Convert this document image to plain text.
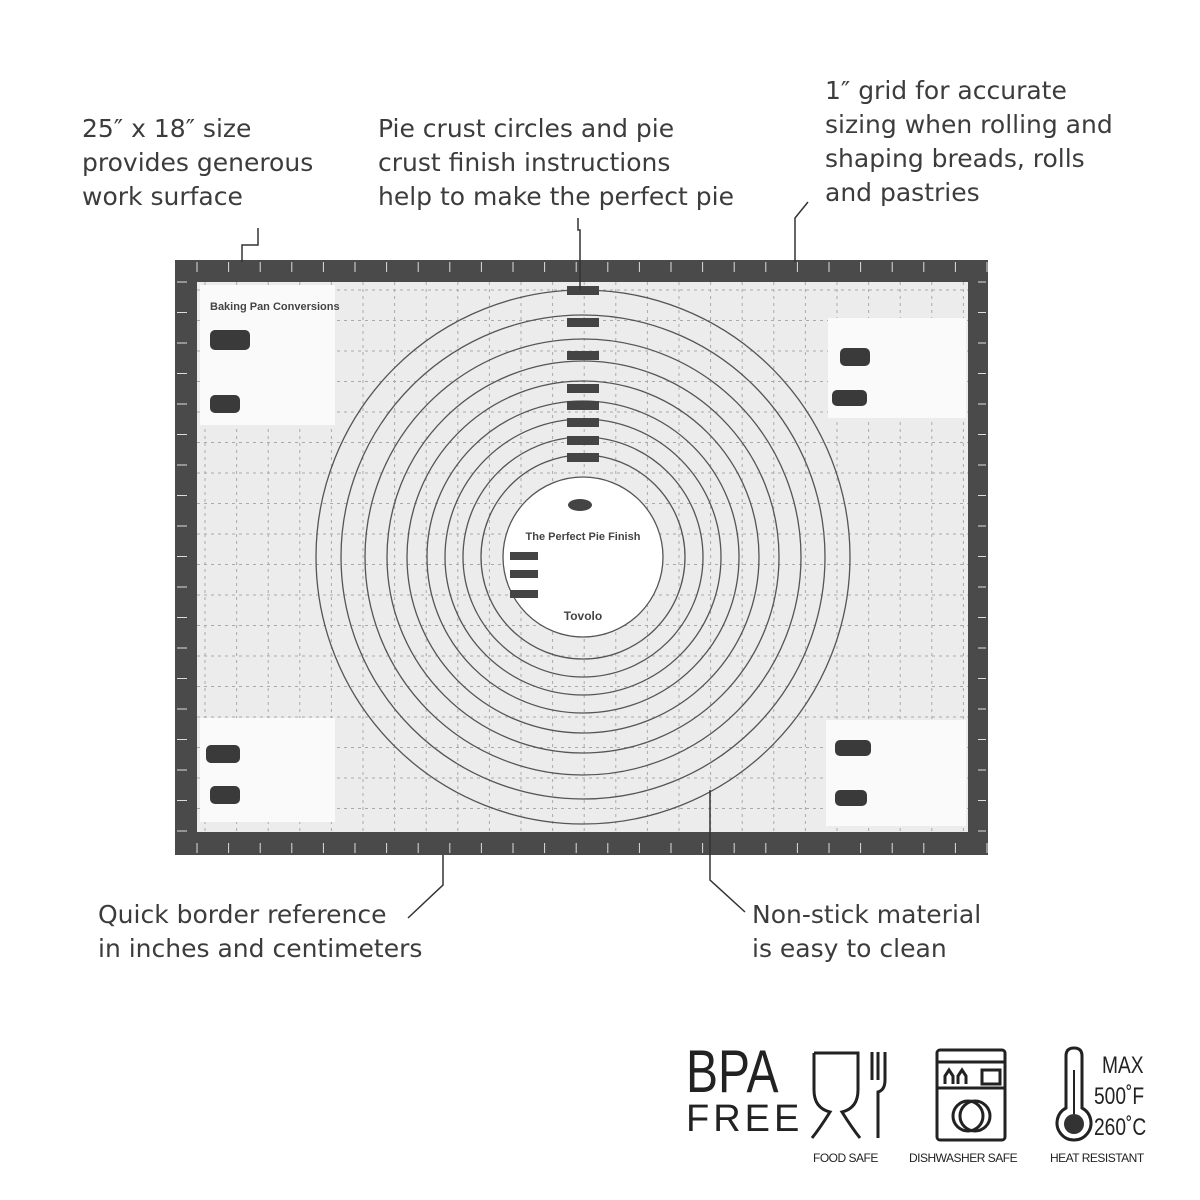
Baking Pan Conversions
The Perfect Pie Finish
Tovolo
25″ x 18″ size
provides generous
work surface
Pie crust circles and pie
crust finish instructions
help to make the perfect pie
1″ grid for accurate
sizing when rolling and
shaping breads, rolls
and pastries
Quick border reference
in inches and centimeters
Non-stick material
is easy to clean
BPA
FREE
MAX
500˚F
260˚C
FOOD SAFE	DISHWASHER SAFE	HEAT RESISTANT
